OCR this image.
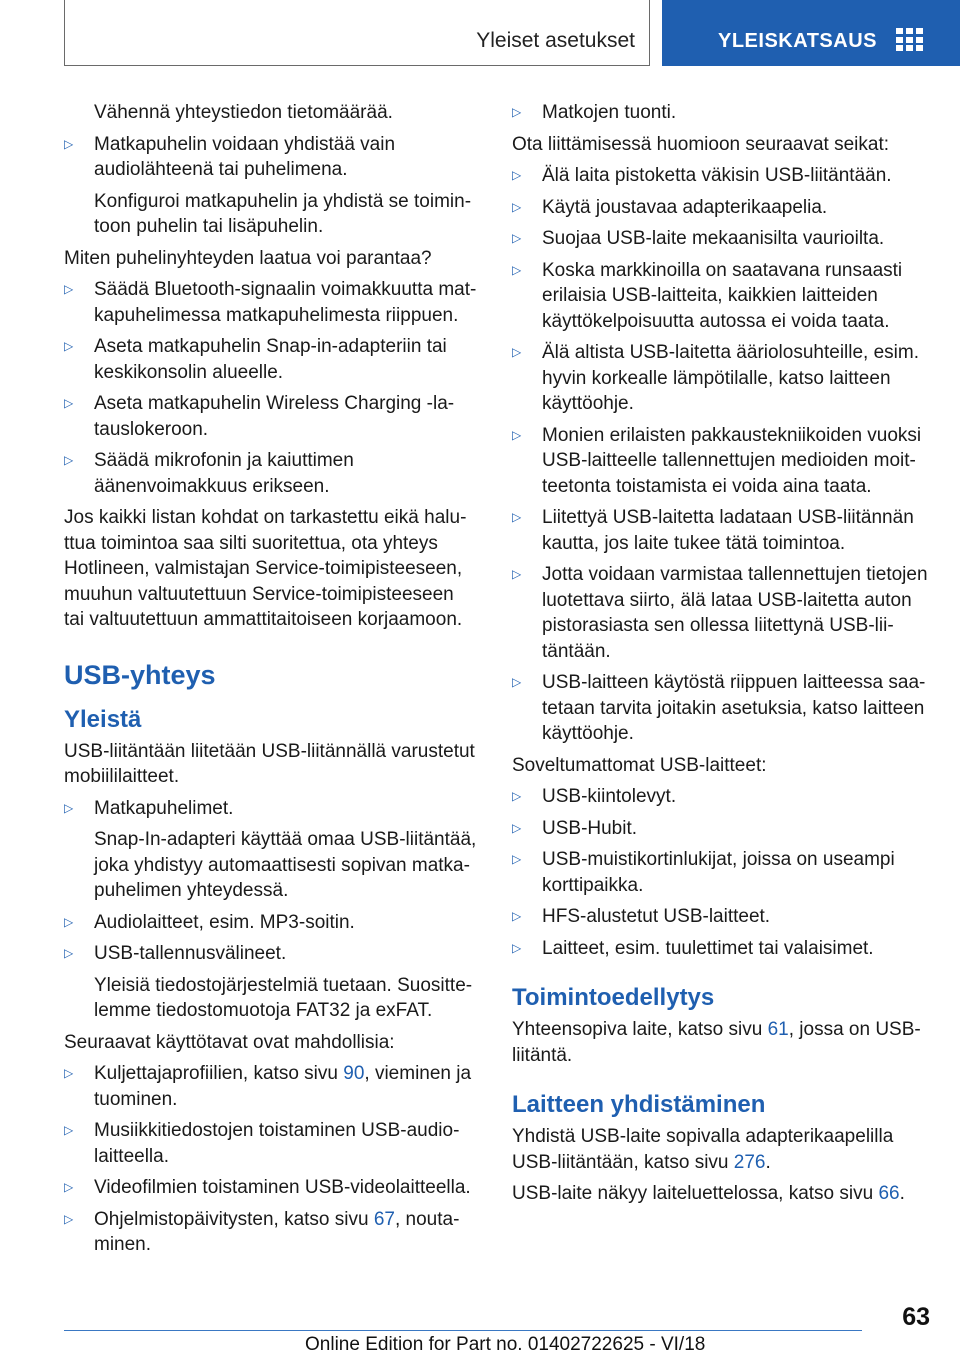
Yleiset asetukset	YLEISKATSAUS
Vähennä yhteystiedon tietomäärää.
▷	Matkapuhelin voidaan yhdistää vain audiolähteenä tai puhelimena.
Konfiguroi matkapuhelin ja yhdistä se toimintoon puhelin tai lisäpuhelin.
Miten puhelinyhteyden laatua voi parantaa?
▷	Säädä Bluetooth-signaalin voimakkuutta matkapuhelimessa matkapuhelimesta riippuen.
▷	Aseta matkapuhelin Snap-in-adapteriin tai keskikonsolin alueelle.
▷	Aseta matkapuhelin Wireless Charging -latauslokeroon.
▷	Säädä mikrofonin ja kaiuttimen äänenvoimakkuus erikseen.
Jos kaikki listan kohdat on tarkastettu eikä haluttua toimintoa saa silti suoritettua, ota yhteys Hotlineen, valmistajan Service-toimipisteeseen, muuhun valtuutettuun Service-toimipisteeseen tai valtuutettuun ammattitaitoiseen korjaamoon.
USB-yhteys
Yleistä
USB-liitäntään liitetään USB-liitännällä varustetut mobiililaitteet.
▷	Matkapuhelimet.
Snap-In-adapteri käyttää omaa USB-liitäntää, joka yhdistyy automaattisesti sopivan matkapuhelimen yhteydessä.
▷	Audiolaitteet, esim. MP3-soitin.
▷	USB-tallennusvälineet.
Yleisiä tiedostojärjestelmiä tuetaan. Suosittelemme tiedostomuotoja FAT32 ja exFAT.
Seuraavat käyttötavat ovat mahdollisia:
▷	Kuljettajaprofiilien, katso sivu 90, vieminen ja tuominen.
▷	Musiikkitiedostojen toistaminen USB-audiolaitteella.
▷	Videofilmien toistaminen USB-videolaitteella.
▷	Ohjelmistopäivitysten, katso sivu 67, noutaminen.
▷	Matkojen tuonti.
Ota liittämisessä huomioon seuraavat seikat:
▷	Älä laita pistoketta väkisin USB-liitäntään.
▷	Käytä joustavaa adapterikaapelia.
▷	Suojaa USB-laite mekaanisilta vaurioilta.
▷	Koska markkinoilla on saatavana runsaasti erilaisia USB-laitteita, kaikkien laitteiden käyttökelpoisuutta autossa ei voida taata.
▷	Älä altista USB-laitetta ääriolosuhteille, esim. hyvin korkealle lämpötilalle, katso laitteen käyttöohje.
▷	Monien erilaisten pakkaustekniikoiden vuoksi USB-laitteelle tallennettujen medioiden moitteetonta toistamista ei voida aina taata.
▷	Liitettyä USB-laitetta ladataan USB-liitännän kautta, jos laite tukee tätä toimintoa.
▷	Jotta voidaan varmistaa tallennettujen tietojen luotettava siirto, älä lataa USB-laitetta auton pistorasiasta sen ollessa liitettynä USB-liitäntään.
▷	USB-laitteen käytöstä riippuen laitteessa saatetaan tarvita joitakin asetuksia, katso laitteen käyttöohje.
Soveltumattomat USB-laitteet:
▷	USB-kiintolevyt.
▷	USB-Hubit.
▷	USB-muistikortinlukijat, joissa on useampi korttipaikka.
▷	HFS-alustetut USB-laitteet.
▷	Laitteet, esim. tuulettimet tai valaisimet.
Toimintoedellytys
Yhteensopiva laite, katso sivu 61, jossa on USB-liitäntä.
Laitteen yhdistäminen
Yhdistä USB-laite sopivalla adapterikaapelilla USB-liitäntään, katso sivu 276.
USB-laite näkyy laiteluettelossa, katso sivu 66.
63
Online Edition for Part no. 01402722625 - VI/18
